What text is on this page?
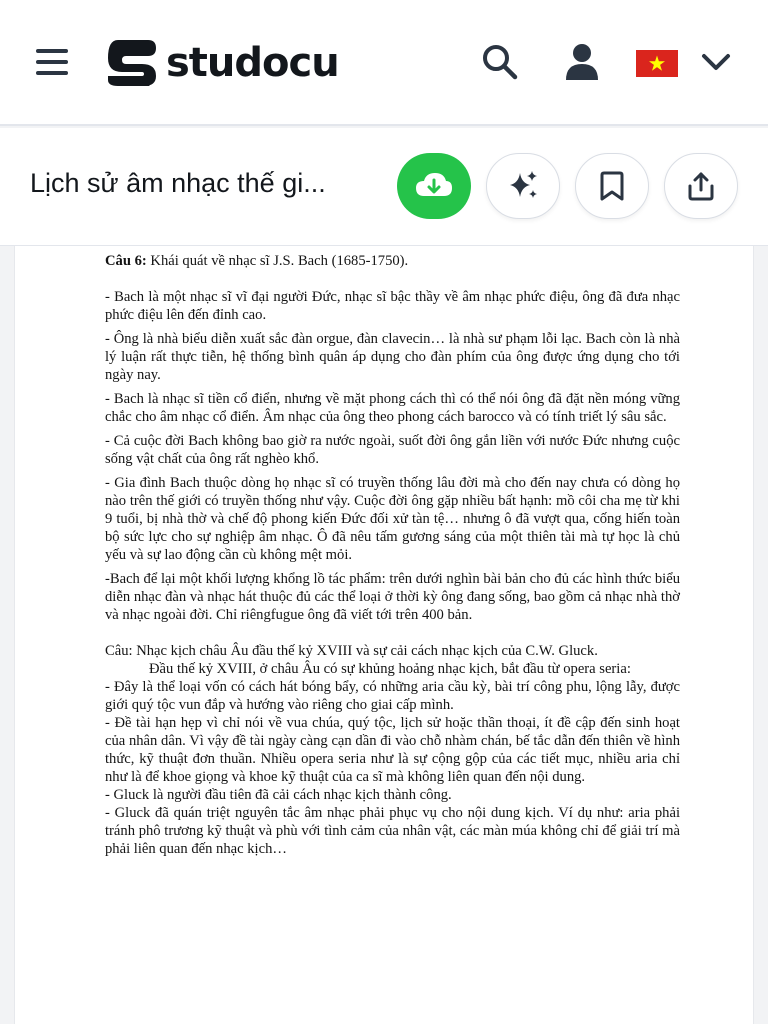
studocu
Lịch sử âm nhạc thế gi...

Câu 6: Khái quát về nhạc sĩ J.S. Bach (1685-1750).

- Bach là một nhạc sĩ vĩ đại người Đức, nhạc sĩ bậc thầy về âm nhạc phức điệu, ông đã đưa nhạc phức điệu lên đến đỉnh cao.

- Ông là nhà biểu diễn xuất sắc đàn orgue, đàn clavecin… là nhà sư phạm lỗi lạc. Bach còn là nhà lý luận rất thực tiễn, hệ thống bình quân áp dụng cho đàn phím của ông được ứng dụng cho tới ngày nay.

- Bach là nhạc sĩ tiền cổ điển, nhưng về mặt phong cách thì có thể nói ông đã đặt nền móng vững chắc cho âm nhạc cổ điển. Âm nhạc của ông theo phong cách barocco và có tính triết lý sâu sắc.

- Cả cuộc đời Bach không bao giờ ra nước ngoài, suốt đời ông gắn liền với nước Đức nhưng cuộc sống vật chất của ông rất nghèo khổ.

- Gia đình Bach thuộc dòng họ nhạc sĩ có truyền thống lâu đời mà cho đến nay chưa có dòng họ nào trên thế giới có truyền thống như vậy. Cuộc đời ông gặp nhiều bất hạnh: mồ côi cha mẹ từ khi 9 tuổi, bị nhà thờ và chế độ phong kiến Đức đối xử tàn tệ… nhưng ô đã vượt qua, cống hiến toàn bộ sức lực cho sự nghiệp âm nhạc. Ô đã nêu tấm gương sáng của một thiên tài mà tự học là chủ yếu và sự lao động cần cù không mệt mỏi.

-Bach để lại một khối lượng khổng lồ tác phẩm: trên dưới nghìn bài bản cho đủ các hình thức biểu diễn nhạc đàn và nhạc hát thuộc đủ các thể loại ở thời kỳ ông đang sống, bao gồm cả nhạc nhà thờ và nhạc ngoài đời. Chỉ riêngfugue ông đã viết tới trên 400 bản.

Câu: Nhạc kịch châu Âu đầu thế kỷ XVIII và sự cải cách nhạc kịch của C.W. Gluck.

Đầu thế kỷ XVIII, ở châu Âu có sự khủng hoảng nhạc kịch, bắt đầu từ opera seria:

- Đây là thể loại vốn có cách hát bóng bẩy, có những aria cầu kỳ, bài trí công phu, lộng lẫy, được giới quý tộc vun đắp và hướng vào riêng cho giai cấp mình.

- Đề tài hạn hẹp vì chỉ nói về vua chúa, quý tộc, lịch sử hoặc thần thoại, ít đề cập đến sinh hoạt của nhân dân. Vì vậy đề tài ngày càng cạn dần đi vào chỗ nhàm chán, bế tắc dẫn đến thiên về hình thức, kỹ thuật đơn thuần. Nhiều opera seria như là sự cộng gộp của các tiết mục, nhiều aria chỉ như là để khoe giọng và khoe kỹ thuật của ca sĩ mà không liên quan đến nội dung.

- Gluck là người đầu tiên đã cải cách nhạc kịch thành công.

- Gluck đã quán triệt nguyên tắc âm nhạc phải phục vụ cho nội dung kịch. Ví dụ như: aria phải tránh phô trương kỹ thuật và phù với tình cảm của nhân vật, các màn múa không chỉ để giải trí mà phải liên quan đến nhạc kịch…
